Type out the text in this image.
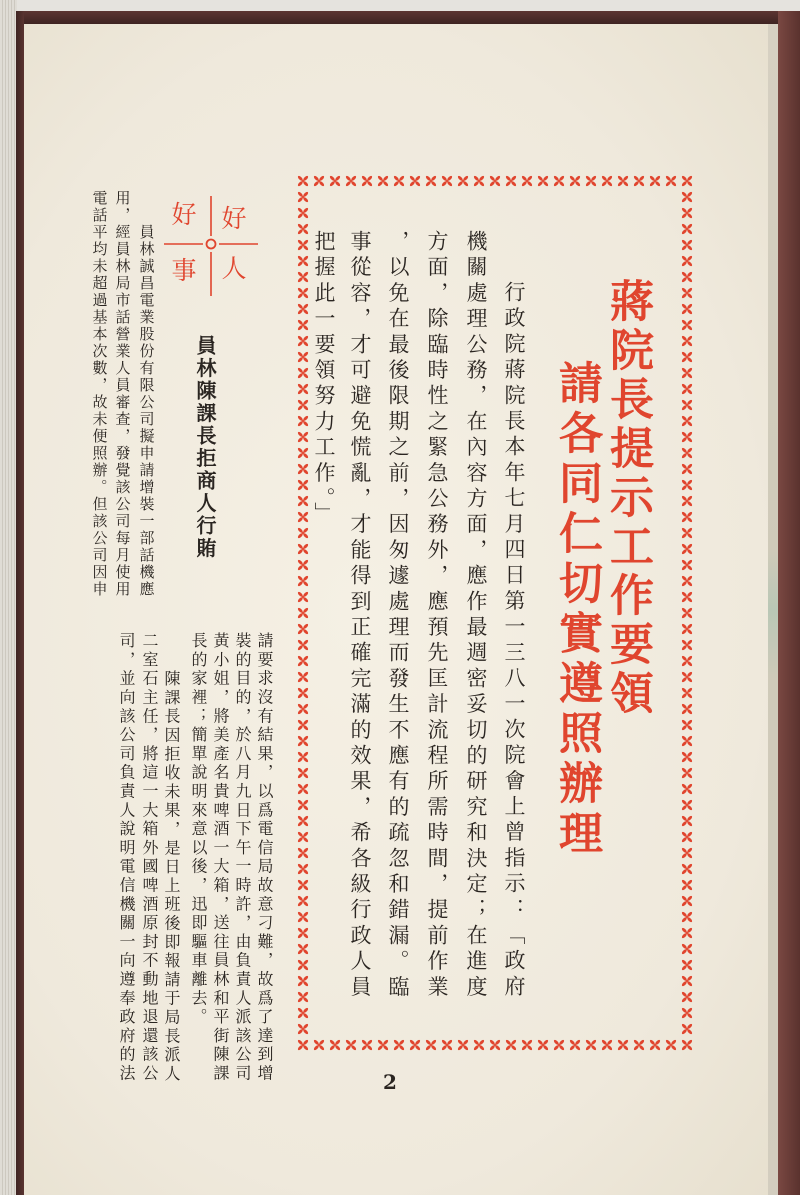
蔣院長提示工作要領
請各同仁切實遵照辦理
行政院蔣院長本年七月四日第一三八一次院會上曾指示：「政府
機關處理公務，在內容方面，應作最週密妥切的研究和決定；在進度
方面，除臨時性之緊急公務外，應預先匡計流程所需時間，提前作業
，以免在最後限期之前，因匆遽處理而發生不應有的疏忽和錯漏。臨
事從容，才可避免慌亂，才能得到正確完滿的效果，希各級行政人員
把握此一要領努力工作。」
好人
好事
員林陳課長拒商人行賄
員林誠昌電業股份有限公司擬申請增裝一部話機應
用，經員林局市話營業人員審查，發覺該公司每月使用
電話平均未超過基本次數，故未便照辦。但該公司因申
請要求沒有結果，以爲電信局故意刁難，故爲了達到增
裝的目的，於八月九日下午一時許，由負責人派該公司
黃小姐，將美產名貴啤酒一大箱，送往員林和平街陳課
長的家裡；簡單說明來意以後，迅即驅車離去。
陳課長因拒收未果，是日上班後即報請于局長派人
二室石主任，將這一大箱外國啤酒原封不動地退還該公
司，並向該公司負責人說明電信機關一向遵奉政府的法	2
